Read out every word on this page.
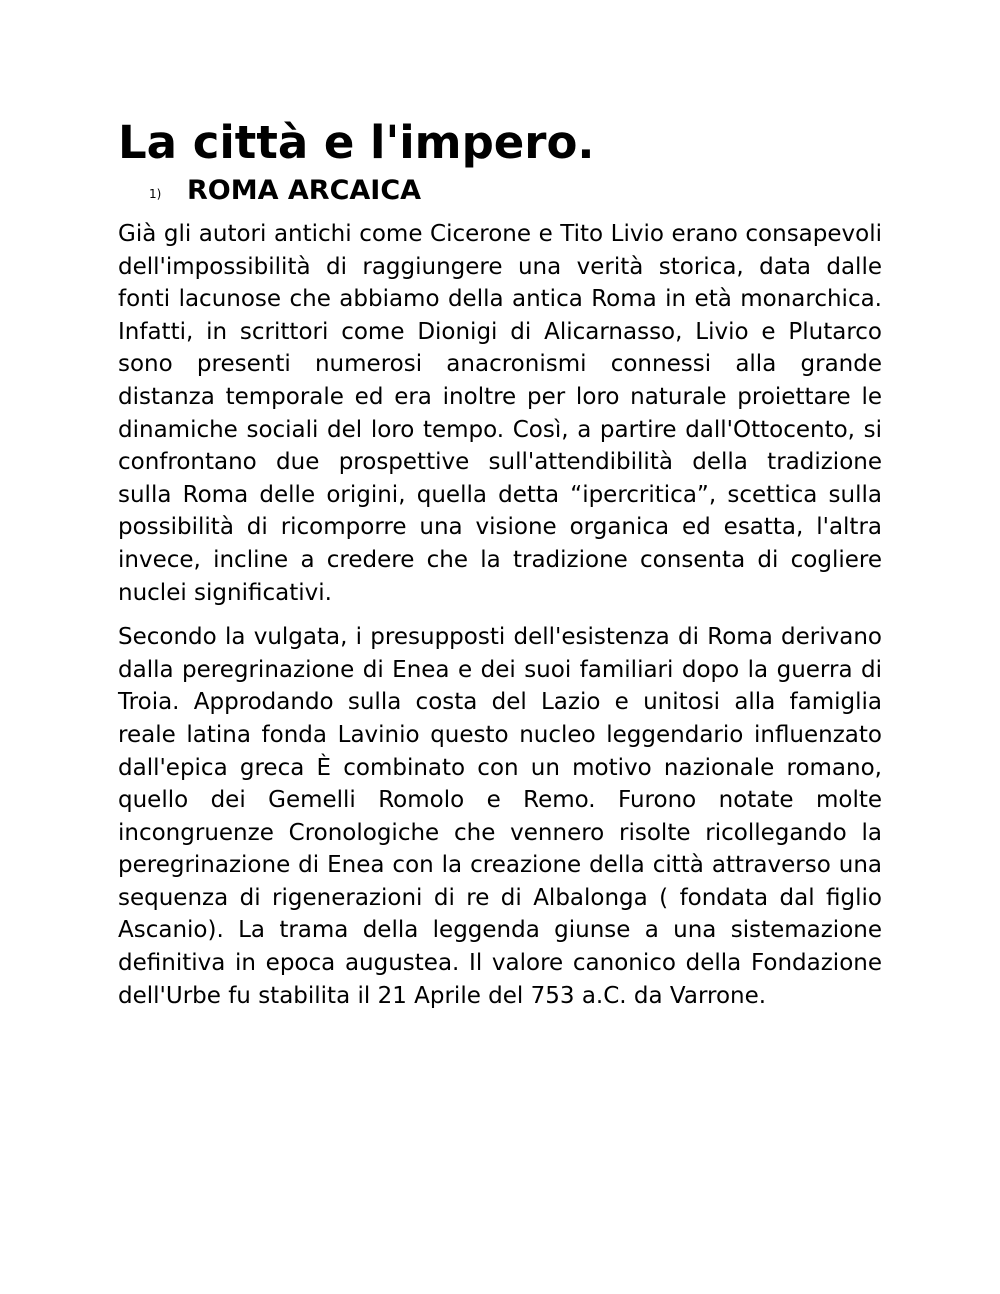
La città e l'impero.
1) ROMA ARCAICA

Già gli autori antichi come Cicerone e Tito Livio erano consapevoli  dell'impossibilità di raggiungere una verità storica, data dalle fonti lacunose che abbiamo della antica Roma in età monarchica. Infatti, in scrittori come Dionigi di Alicarnasso, Livio e Plutarco sono presenti numerosi anacronismi connessi alla grande distanza temporale ed era inoltre per loro naturale proiettare le dinamiche sociali del loro tempo. Così, a partire dall'Ottocento, si confrontano due prospettive sull'attendibilità della tradizione sulla Roma delle origini, quella detta “ipercritica”, scettica sulla possibilità di ricomporre una visione organica ed esatta, l'altra invece, incline a credere che la tradizione consenta di cogliere nuclei significativi.

Secondo la vulgata, i presupposti dell'esistenza di Roma derivano dalla peregrinazione di Enea e dei suoi familiari dopo la guerra di Troia. Approdando sulla costa del Lazio e unitosi alla famiglia reale latina fonda Lavinio questo nucleo leggendario influenzato dall'epica greca È combinato con un motivo nazionale romano, quello dei Gemelli Romolo e Remo. Furono notate molte incongruenze Cronologiche che vennero risolte ricollegando la peregrinazione di Enea con la creazione della città attraverso una sequenza di rigenerazioni di re di Albalonga ( fondata dal figlio Ascanio). La trama della leggenda giunse a una sistemazione definitiva in epoca augustea. Il valore canonico della Fondazione dell'Urbe fu stabilita il 21 Aprile del 753 a.C. da Varrone.
